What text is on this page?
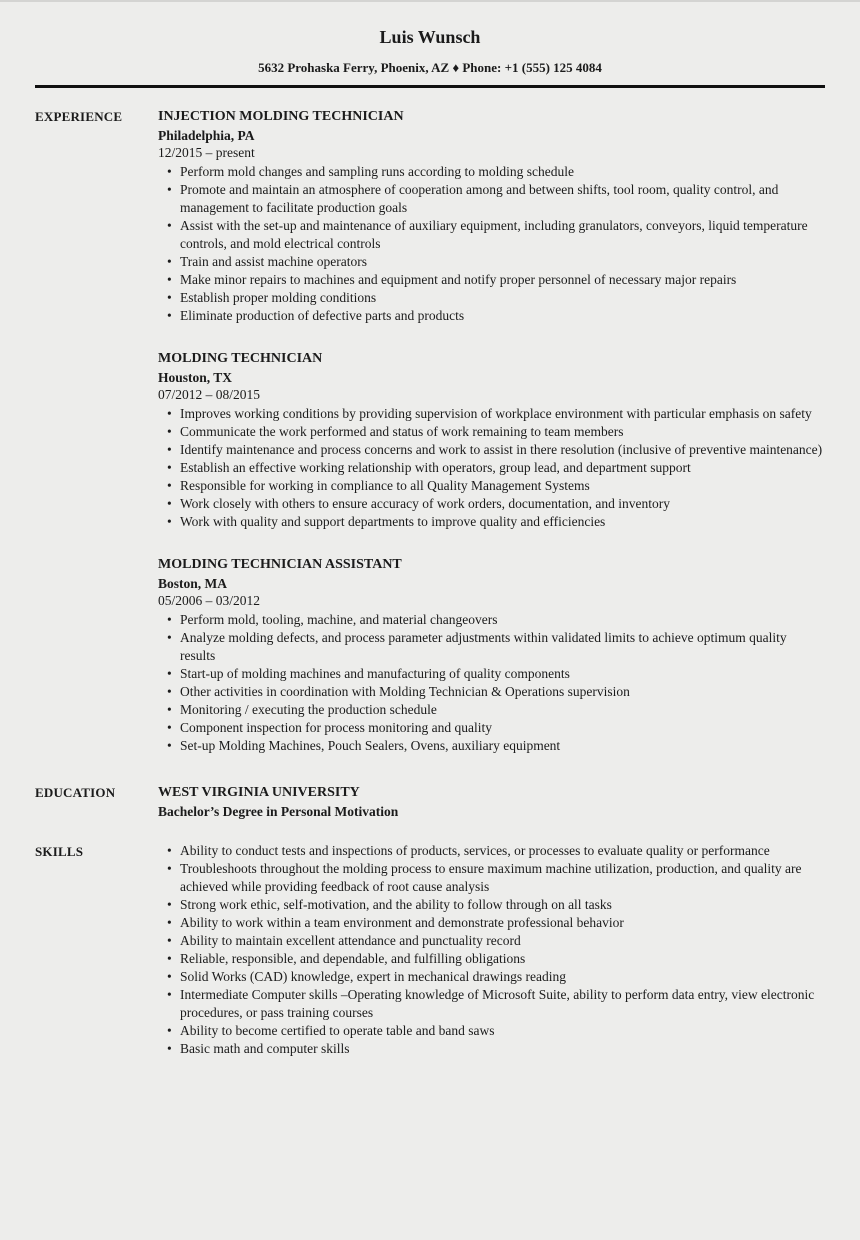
Luis Wunsch
5632 Prohaska Ferry, Phoenix, AZ ♦ Phone: +1 (555) 125 4084
EXPERIENCE	INJECTION MOLDING TECHNICIAN
Philadelphia, PA
12/2015 – present
• Perform mold changes and sampling runs according to molding schedule
• Promote and maintain an atmosphere of cooperation among and between shifts, tool room, quality control, and management to facilitate production goals
• Assist with the set-up and maintenance of auxiliary equipment, including granulators, conveyors, liquid temperature controls, and mold electrical controls
• Train and assist machine operators
• Make minor repairs to machines and equipment and notify proper personnel of necessary major repairs
• Establish proper molding conditions
• Eliminate production of defective parts and products
MOLDING TECHNICIAN
Houston, TX
07/2012 – 08/2015
• Improves working conditions by providing supervision of workplace environment with particular emphasis on safety
• Communicate the work performed and status of work remaining to team members
• Identify maintenance and process concerns and work to assist in there resolution (inclusive of preventive maintenance)
• Establish an effective working relationship with operators, group lead, and department support
• Responsible for working in compliance to all Quality Management Systems
• Work closely with others to ensure accuracy of work orders, documentation, and inventory
• Work with quality and support departments to improve quality and efficiencies
MOLDING TECHNICIAN ASSISTANT
Boston, MA
05/2006 – 03/2012
• Perform mold, tooling, machine, and material changeovers
• Analyze molding defects, and process parameter adjustments within validated limits to achieve optimum quality results
• Start-up of molding machines and manufacturing of quality components
• Other activities in coordination with Molding Technician & Operations supervision
• Monitoring / executing the production schedule
• Component inspection for process monitoring and quality
• Set-up Molding Machines, Pouch Sealers, Ovens, auxiliary equipment
EDUCATION	WEST VIRGINIA UNIVERSITY
Bachelor’s Degree in Personal Motivation
SKILLS	• Ability to conduct tests and inspections of products, services, or processes to evaluate quality or performance
• Troubleshoots throughout the molding process to ensure maximum machine utilization, production, and quality are achieved while providing feedback of root cause analysis
• Strong work ethic, self-motivation, and the ability to follow through on all tasks
• Ability to work within a team environment and demonstrate professional behavior
• Ability to maintain excellent attendance and punctuality record
• Reliable, responsible, and dependable, and fulfilling obligations
• Solid Works (CAD) knowledge, expert in mechanical drawings reading
• Intermediate Computer skills –Operating knowledge of Microsoft Suite, ability to perform data entry, view electronic procedures, or pass training courses
• Ability to become certified to operate table and band saws
• Basic math and computer skills
